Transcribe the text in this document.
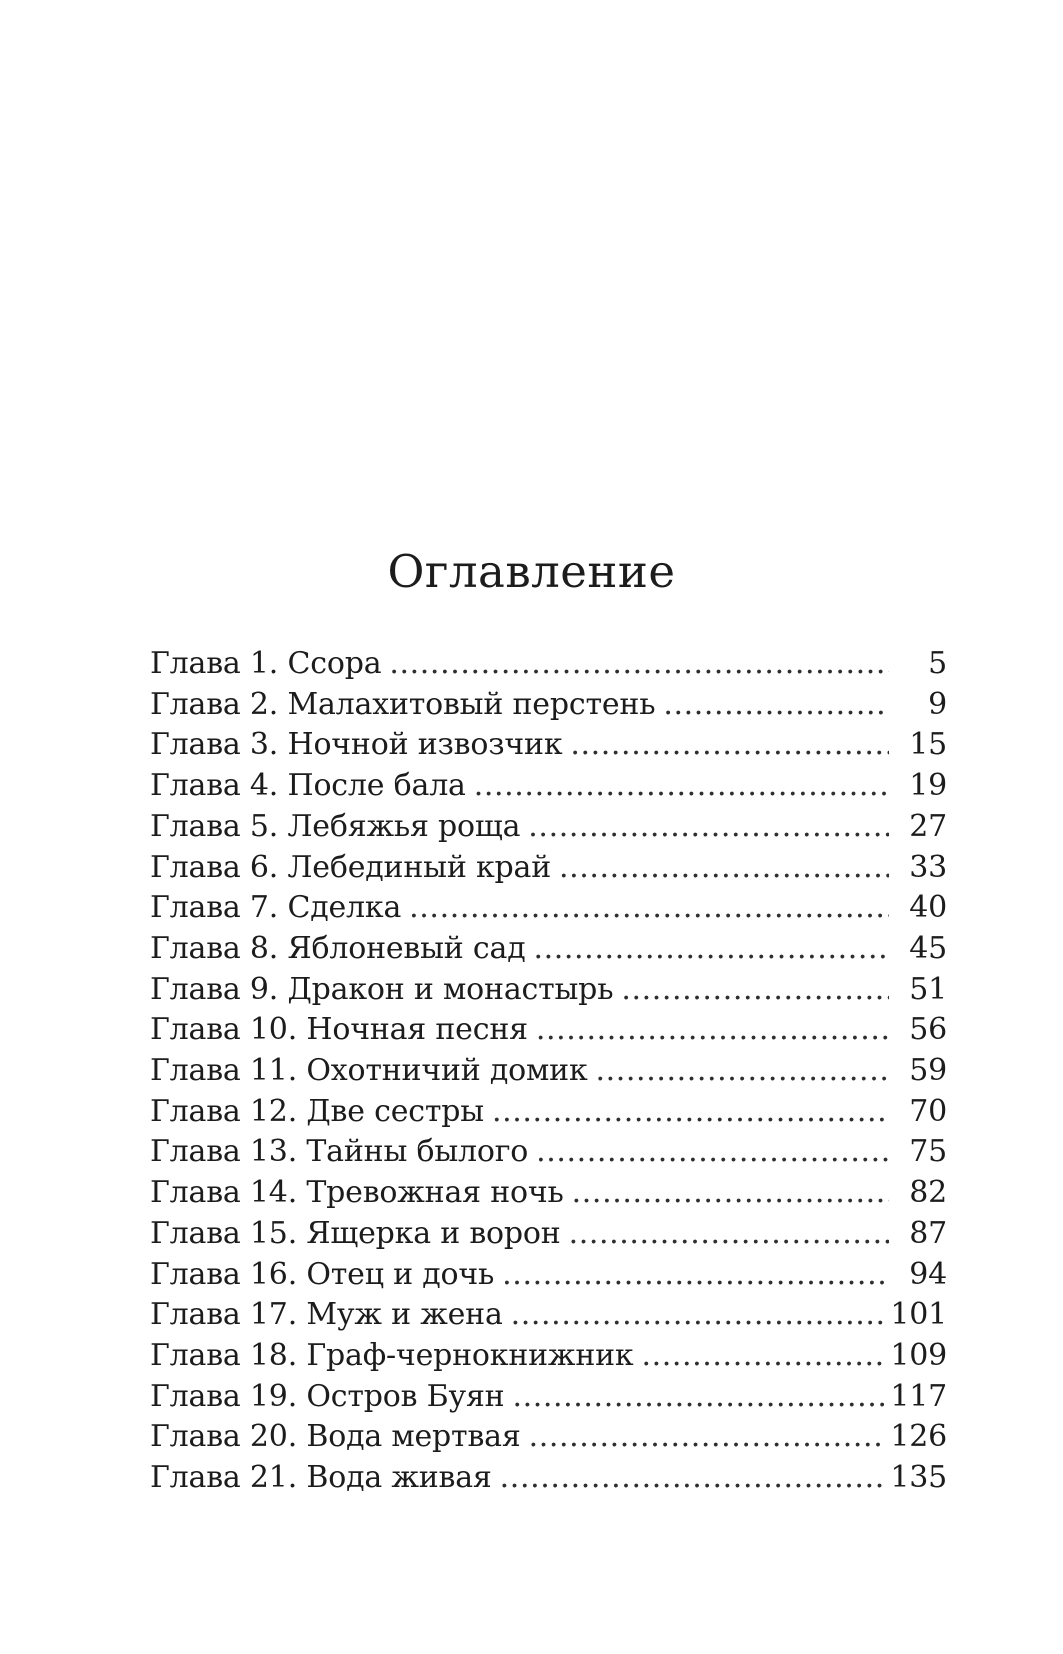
Оглавление
Глава 1. Ссора .....	5
Глава 2. Малахитовый перстень .....	9
Глава 3. Ночной извозчик .....	15
Глава 4. После бала .....	19
Глава 5. Лебяжья роща .....	27
Глава 6. Лебединый край .....	33
Глава 7. Сделка .....	40
Глава 8. Яблоневый сад .....	45
Глава 9. Дракон и монастырь .....	51
Глава 10. Ночная песня .....	56
Глава 11. Охотничий домик .....	59
Глава 12. Две сестры .....	70
Глава 13. Тайны былого .....	75
Глава 14. Тревожная ночь .....	82
Глава 15. Ящерка и ворон .....	87
Глава 16. Отец и дочь .....	94
Глава 17. Муж и жена .....	101
Глава 18. Граф-чернокнижник .....	109
Глава 19. Остров Буян .....	117
Глава 20. Вода мертвая .....	126
Глава 21. Вода живая .....	135
